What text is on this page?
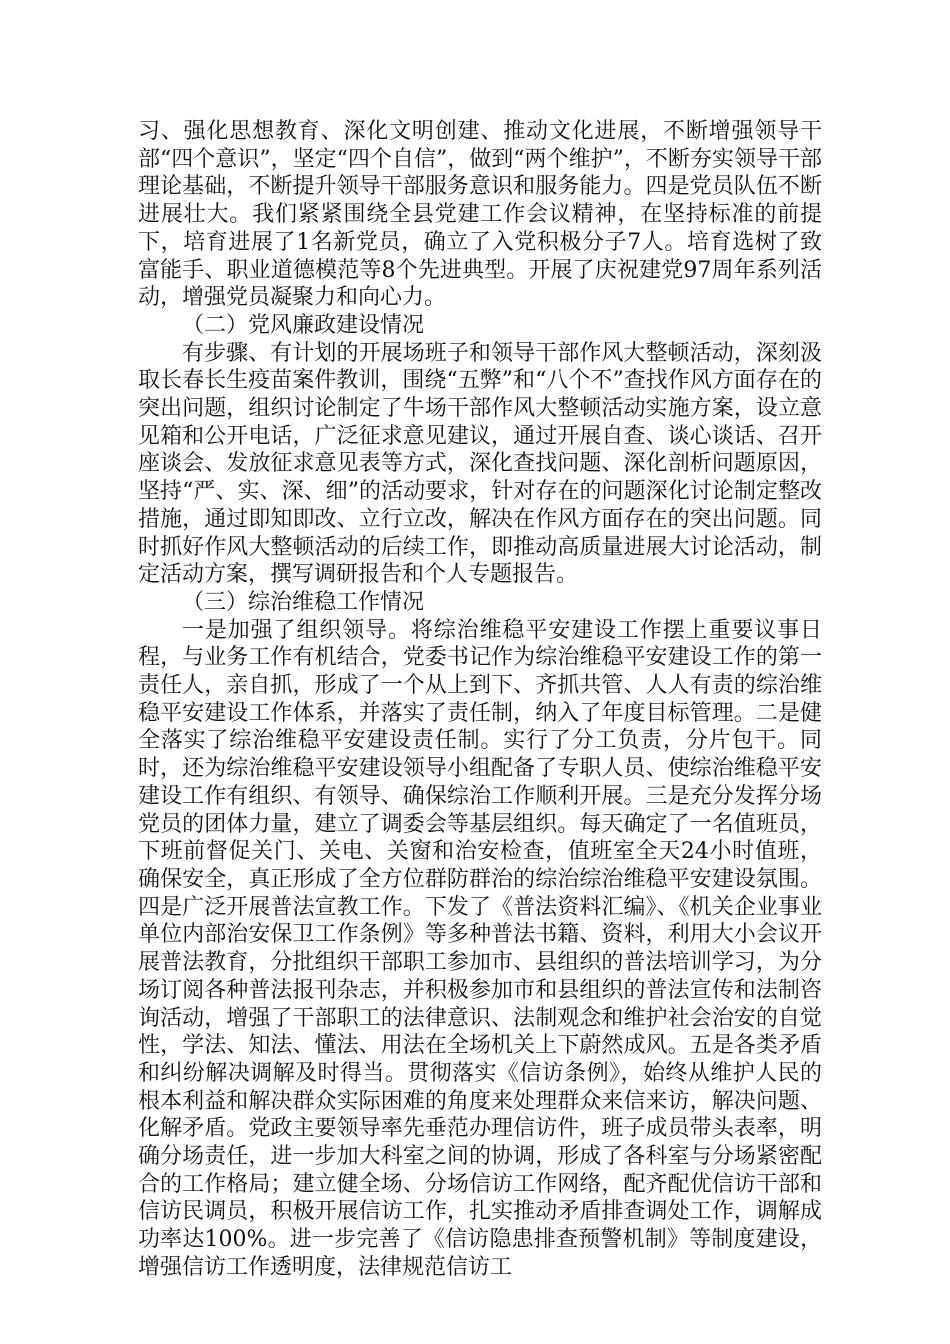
习、强化思想教育、深化文明创建、推动文化进展，不断增强领导干部“四个意识”，坚定“四个自信”，做到“两个维护”，不断夯实领导干部理论基础，不断提升领导干部服务意识和服务能力。四是党员队伍不断进展壮大。我们紧紧围绕全县党建工作会议精神，在坚持标准的前提下，培育进展了1名新党员，确立了入党积极分子7人。培育选树了致富能手、职业道德模范等8个先进典型。开展了庆祝建党97周年系列活动，增强党员凝聚力和向心力。

（二）党风廉政建设情况

有步骤、有计划的开展场班子和领导干部作风大整顿活动，深刻汲取长春长生疫苗案件教训，围绕“五弊”和“八个不”查找作风方面存在的突出问题，组织讨论制定了牛场干部作风大整顿活动实施方案，设立意见箱和公开电话，广泛征求意见建议，通过开展自查、谈心谈话、召开座谈会、发放征求意见表等方式，深化查找问题、深化剖析问题原因，坚持“严、实、深、细”的活动要求，针对存在的问题深化讨论制定整改措施，通过即知即改、立行立改，解决在作风方面存在的突出问题。同时抓好作风大整顿活动的后续工作，即推动高质量进展大讨论活动，制定活动方案，撰写调研报告和个人专题报告。

（三）综治维稳工作情况

一是加强了组织领导。将综治维稳平安建设工作摆上重要议事日程，与业务工作有机结合，党委书记作为综治维稳平安建设工作的第一责任人，亲自抓，形成了一个从上到下、齐抓共管、人人有责的综治维稳平安建设工作体系，并落实了责任制，纳入了年度目标管理。二是健全落实了综治维稳平安建设责任制。实行了分工负责，分片包干。同时，还为综治维稳平安建设领导小组配备了专职人员、使综治维稳平安建设工作有组织、有领导、确保综治工作顺利开展。三是充分发挥分场党员的团体力量，建立了调委会等基层组织。每天确定了一名值班员，下班前督促关门、关电、关窗和治安检查，值班室全天24小时值班，确保安全，真正形成了全方位群防群治的综治综治维稳平安建设氛围。四是广泛开展普法宣教工作。下发了《普法资料汇编》、《机关企业事业单位内部治安保卫工作条例》等多种普法书籍、资料，利用大小会议开展普法教育，分批组织干部职工参加市、县组织的普法培训学习，为分场订阅各种普法报刊杂志，并积极参加市和县组织的普法宣传和法制咨询活动，增强了干部职工的法律意识、法制观念和维护社会治安的自觉性，学法、知法、懂法、用法在全场机关上下蔚然成风。五是各类矛盾和纠纷解决调解及时得当。贯彻落实《信访条例》，始终从维护人民的根本利益和解决群众实际困难的角度来处理群众来信来访，解决问题、化解矛盾。党政主要领导率先垂范办理信访件，班子成员带头表率，明确分场责任，进一步加大科室之间的协调，形成了各科室与分场紧密配合的工作格局；建立健全场、分场信访工作网络，配齐配优信访干部和信访民调员，积极开展信访工作，扎实推动矛盾排查调处工作，调解成功率达100%。进一步完善了《信访隐患排查预警机制》等制度建设，增强信访工作透明度，法律规范信访工
